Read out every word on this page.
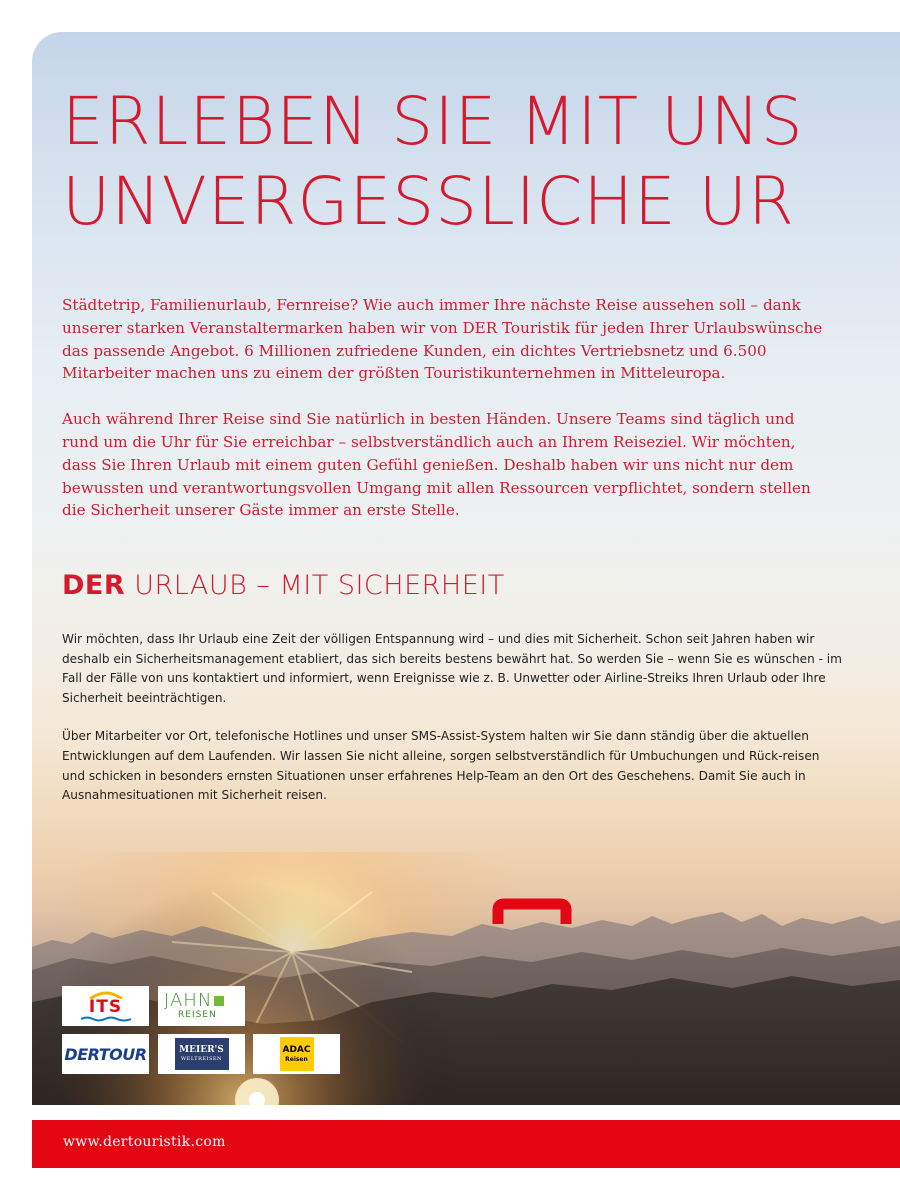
ERLEBEN SIE MIT UNS
UNVERGESSLICHE UR

Städtetrip, Familienurlaub, Fernreise? Wie auch immer Ihre nächste Reise aussehen soll – dank unserer starken Veranstaltermarken haben wir von DER Touristik für jeden Ihrer Urlaubswünsche das passende Angebot. 6 Millionen zufriedene Kunden, ein dichtes Vertriebsnetz und 6.500 Mitarbeiter machen uns zu einem der größten Touristikunternehmen in Mitteleuropa.

Auch während Ihrer Reise sind Sie natürlich in besten Händen. Unsere Teams sind täglich und rund um die Uhr für Sie erreichbar – selbstverständlich auch an Ihrem Reiseziel. Wir möchten, dass Sie Ihren Urlaub mit einem guten Gefühl genießen. Deshalb haben wir uns nicht nur dem bewussten und verantwortungsvollen Umgang mit allen Ressourcen verpflichtet, sondern stellen die Sicherheit unserer Gäste immer an erste Stelle.

DER URLAUB – MIT SICHERHEIT

Wir möchten, dass Ihr Urlaub eine Zeit der völligen Entspannung wird – und dies mit Sicherheit. Schon seit Jahren haben wir deshalb ein Sicherheitsmanagement etabliert, das sich bereits bestens bewährt hat. So werden Sie – wenn Sie es wünschen - im Fall der Fälle von uns kontaktiert und informiert, wenn Ereignisse wie z. B. Unwetter oder Airline-Streiks Ihren Urlaub oder Ihre Sicherheit beeinträchtigen.

Über Mitarbeiter vor Ort, telefonische Hotlines und unser SMS-Assist-System halten wir Sie dann ständig über die aktuellen Entwicklungen auf dem Laufenden. Wir lassen Sie nicht alleine, sorgen selbstverständlich für Umbuchungen und Rück-reisen und schicken in besonders ernsten Situationen unser erfahrenes Help-Team an den Ort des Geschehens. Damit Sie auch in Ausnahmesituationen mit Sicherheit reisen.

ITS JAHN
REISEN
DERTOUR	MEIER'S
WELTREISEN
ADAC
Reisen
www.dertouristik.com
